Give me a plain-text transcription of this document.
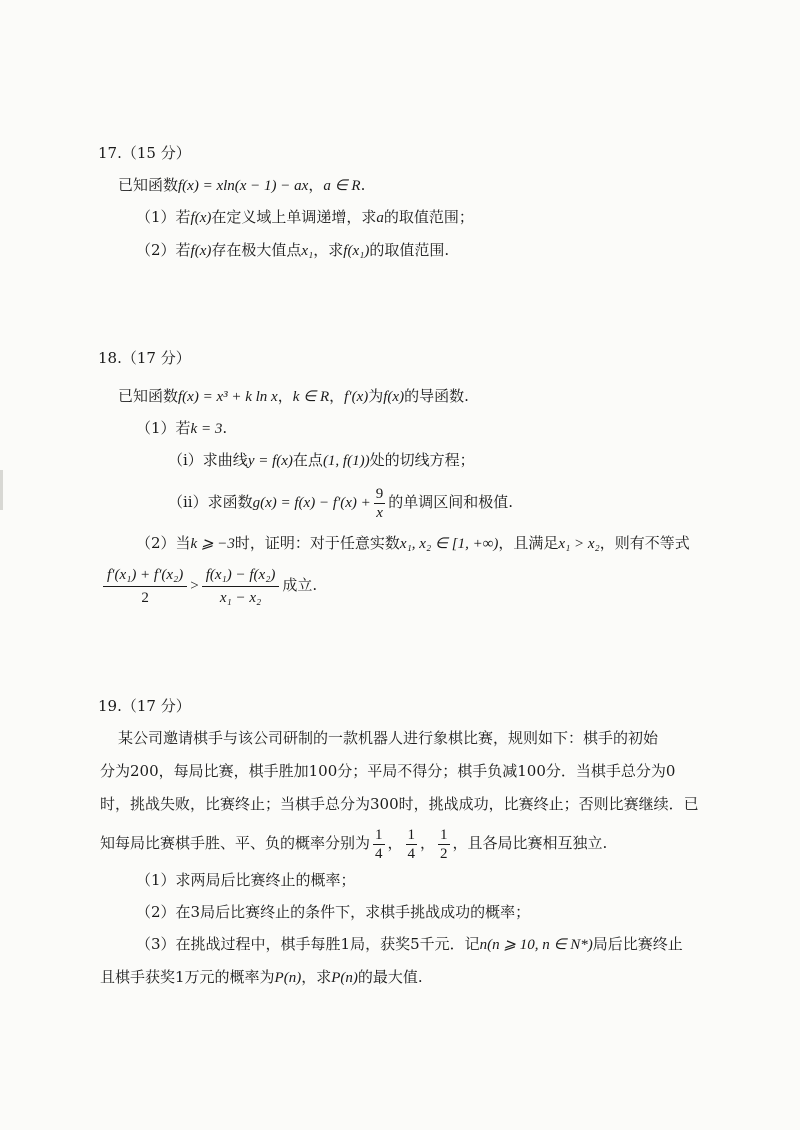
17.（15 分）
已知函数f(x) = xln(x − 1) − ax，a ∈ R.
（1）若f(x)在定义域上单调递增，求a的取值范围；
（2）若f(x)存在极大值点x₁，求f(x₁)的取值范围.
18.（17 分）
已知函数f(x) = x³ + k ln x，k ∈ R，f′(x)为f(x)的导函数.
（1）若k = 3.
（i）求曲线y = f(x)在点(1, f(1))处的切线方程；
（ii）求函数$g(x) = f(x) - f'(x) + \frac{9}{x}$ 的单调区间和极值.
（2）当k ⩾ −3时，证明：对于任意实数x₁, x₂ ∈ [1, +∞)，且满足x₁ > x₂，则有不等式
$\frac{\text{f′(x₁) + f′(x₂)}}{2} > \frac{\text{f(x₁) − f(x₂)}}{\text{x₁ − x₂}}$ 成立.
19.（17 分）
某公司邀请棋手与该公司研制的一款机器人进行象棋比赛，规则如下：棋手的初始
分为200，每局比赛，棋手胜加100分；平局不得分；棋手负减100分．当棋手总分为0
时，挑战失败，比赛终止；当棋手总分为300时，挑战成功，比赛终止；否则比赛继续．已
知每局比赛棋手胜、平、负的概率分别为 $\frac{1}{4}$ ， $\frac{1}{4}$ ， $\frac{1}{2}$ ，且各局比赛相互独立.
（1）求两局后比赛终止的概率；
（2）在3局后比赛终止的条件下，求棋手挑战成功的概率；
（3）在挑战过程中，棋手每胜1局，获奖5千元．记n(n ⩾ 10, n ∈ N*)局后比赛终止
且棋手获奖1万元的概率为P(n)，求P(n)的最大值.
